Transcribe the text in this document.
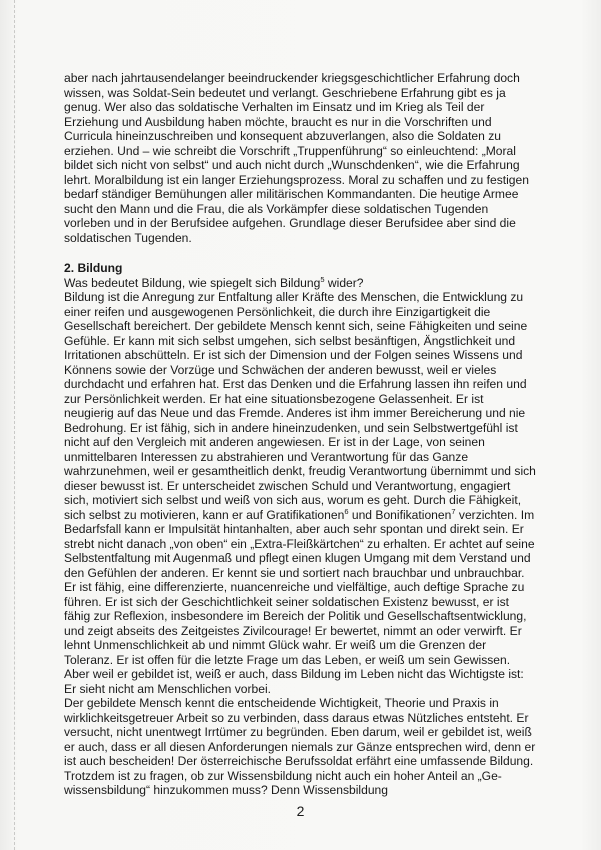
aber nach jahrtausendelanger beeindruckender kriegsgeschichtlicher Erfahrung doch wissen, was Soldat-Sein bedeutet und verlangt. Geschriebene Erfahrung gibt es ja genug. Wer also das soldatische Verhalten im Einsatz und im Krieg als Teil der Erziehung und Ausbildung haben möchte, braucht es nur in die Vorschriften und Curricula hineinzuschreiben und konsequent abzuverlangen, also die Soldaten zu erziehen. Und – wie schreibt die Vorschrift „Truppenführung“ so einleuchtend: „Moral bildet sich nicht von selbst“ und auch nicht durch „Wunschdenken“, wie die Erfahrung lehrt. Moralbildung ist ein langer Erziehungsprozess. Moral zu schaffen und zu festigen bedarf ständiger Bemühungen aller militärischen Kommandanten. Die heutige Armee sucht den Mann und die Frau, die als Vorkämpfer diese soldatischen Tugenden vorleben und in der Berufsidee aufgehen. Grundlage dieser Berufsidee aber sind die soldatischen Tugenden.

2. Bildung

Was bedeutet Bildung, wie spiegelt sich Bildung$^5$ wider?

Bildung ist die Anregung zur Entfaltung aller Kräfte des Menschen, die Entwicklung zu einer reifen und ausgewogenen Persönlichkeit, die durch ihre Einzigartigkeit die Gesellschaft bereichert. Der gebildete Mensch kennt sich, seine Fähigkeiten und seine Gefühle. Er kann mit sich selbst umgehen, sich selbst besänftigen, Ängstlichkeit und Irritationen abschütteln. Er ist sich der Dimension und der Folgen seines Wissens und Könnens sowie der Vorzüge und Schwächen der anderen bewusst, weil er vieles durchdacht und erfahren hat. Erst das Denken und die Erfahrung lassen ihn reifen und zur Persönlichkeit werden. Er hat eine situationsbezogene Gelassenheit. Er ist neugierig auf das Neue und das Fremde. Anderes ist ihm immer Bereicherung und nie Bedrohung. Er ist fähig, sich in andere hineinzudenken, und sein Selbstwertgefühl ist nicht auf den Vergleich mit anderen angewiesen. Er ist in der Lage, von seinen unmittelbaren Interessen zu abstrahieren und Verantwortung für das Ganze wahrzunehmen, weil er gesamtheitlich denkt, freudig Verantwortung übernimmt und sich dieser bewusst ist. Er unterscheidet zwischen Schuld und Verantwortung, engagiert sich, motiviert sich selbst und weiß von sich aus, worum es geht. Durch die Fähigkeit, sich selbst zu motivieren, kann er auf Gratifikationen$^6$ und Bonifikationen$^7$ verzichten. Im Bedarfsfall kann er Impulsität hintanhalten, aber auch sehr spontan und direkt sein. Er strebt nicht danach „von oben“ ein „Extra-Fleißkärtchen“ zu erhalten. Er achtet auf seine Selbstentfaltung mit Augenmaß und pflegt einen klugen Umgang mit dem Verstand und den Gefühlen der anderen. Er kennt sie und sortiert nach brauchbar und unbrauchbar. Er ist fähig, eine differenzierte, nuancenreiche und vielfältige, auch deftige Sprache zu führen. Er ist sich der Geschichtlichkeit seiner soldatischen Existenz bewusst, er ist fähig zur Reflexion, insbesondere im Bereich der Politik und Gesellschaftsentwicklung, und zeigt abseits des Zeitgeistes Zivilcourage! Er bewertet, nimmt an oder verwirft. Er lehnt Unmenschlichkeit ab und nimmt Glück wahr. Er weiß um die Grenzen der Toleranz. Er ist offen für die letzte Frage um das Leben, er weiß um sein Gewissen. Aber weil er gebildet ist, weiß er auch, dass Bildung im Leben nicht das Wichtigste ist: Er sieht nicht am Menschlichen vorbei.

Der gebildete Mensch kennt die entscheidende Wichtigkeit, Theorie und Praxis in wirklichkeitsgetreuer Arbeit so zu verbinden, dass daraus etwas Nützliches entsteht. Er versucht, nicht unentwegt Irrtümer zu begründen. Eben darum, weil er gebildet ist, weiß er auch, dass er all diesen Anforderungen niemals zur Gänze entsprechen wird, denn er ist auch bescheiden! Der österreichische Berufssoldat erfährt eine umfassende Bildung. Trotzdem ist zu fragen, ob zur Wissensbildung nicht auch ein hoher Anteil an „Ge-wissensbildung“ hinzukommen muss? Denn Wissensbildung

2
